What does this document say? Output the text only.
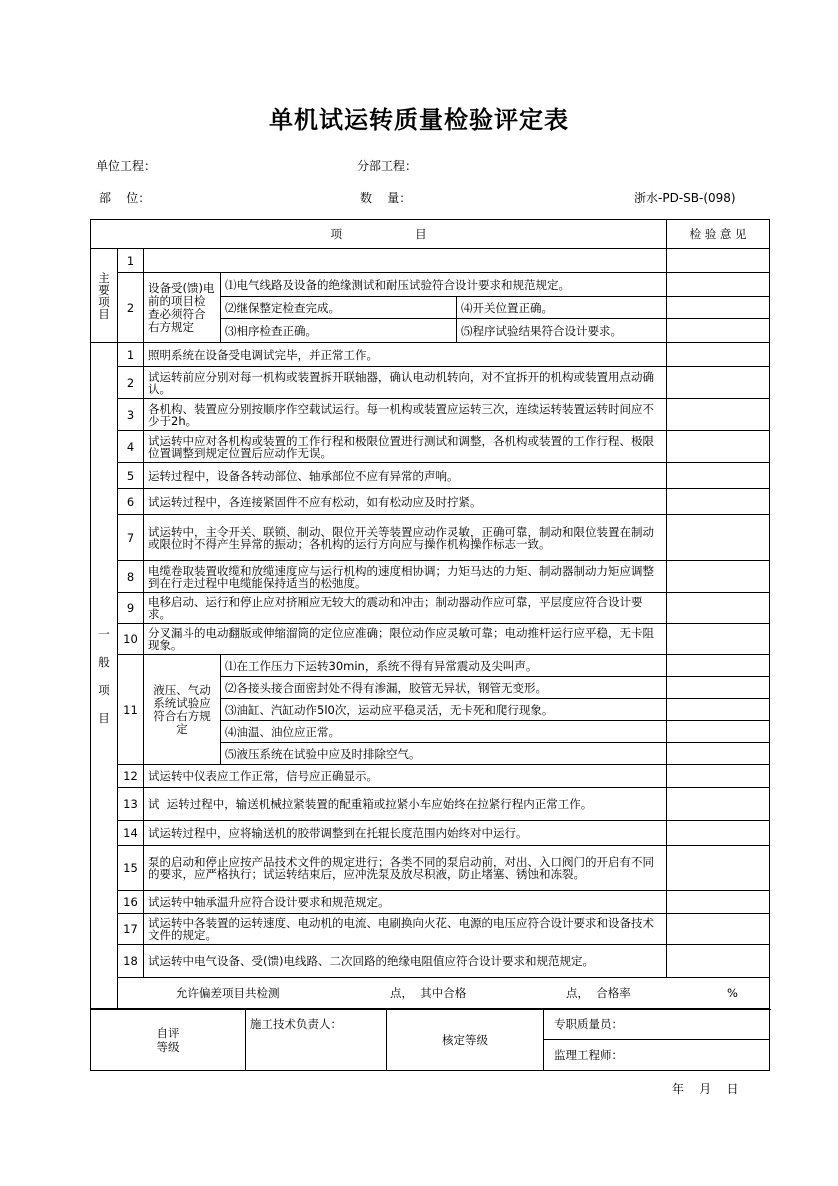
单机试运转质量检验评定表
单位工程：	分部工程：
部    位：	数    量：	浙水-PD-SB-(098)
项                    目					检 验 意 见
主要项目	1				
	2	设备受(馈)电前的项目检查必须符合右方规定	⑴电气线路及设备的绝缘测试和耐压试验符合设计要求和规范规定。		
			⑵继保整定检查完成。	⑷开关位置正确。	
			⑶相序检查正确。	⑸程序试验结果符合设计要求。	
一般项目	1	照明系统在设备受电调试完毕，并正常工作。			
	2	试运转前应分别对每一机构或装置拆开联轴器，确认电动机转向，对不宜拆开的机构或装置用点动确认。			
	3	各机构、装置应分别按顺序作空载试运行。每一机构或装置应运转三次，连续运转装置运转时间应不少于2h。			
	4	试运转中应对各机构或装置的工作行程和极限位置进行测试和调整，各机构或装置的工作行程、极限位置调整到规定位置后应动作无误。			
	5	运转过程中，设备各转动部位、轴承部位不应有异常的声响。			
	6	试运转过程中，各连接紧固件不应有松动，如有松动应及时拧紧。			
	7	试运转中，主令开关、联锁、制动、限位开关等装置应动作灵敏，正确可靠，制动和限位装置在制动或限位时不得产生异常的振动；各机构的运行方向应与操作机构操作标志一致。			
	8	电缆卷取装置收缆和放缆速度应与运行机构的速度相协调；力矩马达的力矩、制动器制动力矩应调整到在行走过程中电缆能保持适当的松弛度。			
	9	电移启动、运行和停止应对挤厢应无较大的震动和冲击；制动器动作应可靠，平层度应符合设计要求。			
	10	分叉漏斗的电动翻版或伸缩溜筒的定位应准确；限位动作应灵敏可靠；电动推杆运行应平稳，无卡阻现象。			
	11	液压、气动系统试验应符合右方规定	⑴在工作压力下运转30min，系统不得有异常震动及尖叫声。		
			⑵各接头接合面密封处不得有渗漏，胶管无异状，钢管无变形。		
			⑶油缸、汽缸动作5l0次，运动应平稳灵活，无卡死和爬行现象。		
			⑷油温、油位应正常。		
			⑸液压系统在试验中应及时排除空气。		
	12	试运转中仪表应工作正常，信号应正确显示。			
	13	试  运转过程中，输送机械拉紧装置的配重箱或拉紧小车应始终在拉紧行程内正常工作。			
	14	试运转过程中，应将输送机的胶带调整到在托辊长度范围内始终对中运行。			
	15	泵的启动和停止应按产品技术文件的规定进行；各类不同的泵启动前，对出、入口阀门的开启有不同的要求，应严格执行；试运转结束后，应冲洗泵及放尽积液，防止堵塞、锈蚀和冻裂。			
	16	试运转中轴承温升应符合设计要求和规范规定。			
	17	试运转中各装置的运转速度、电动机的电流、电刷换向火花、电源的电压应符合设计要求和设备技术文件的规定。			
	18	试运转中电气设备、受(馈)电线路、二次回路的绝缘电阻值应符合设计要求和规范规定。			

	允许偏差项目共检测 点，  其中合格 点，  合格率 %				
自评等级	施工技术负责人：	核定等级	专职质量员：
监理工程师：
年    月    日
